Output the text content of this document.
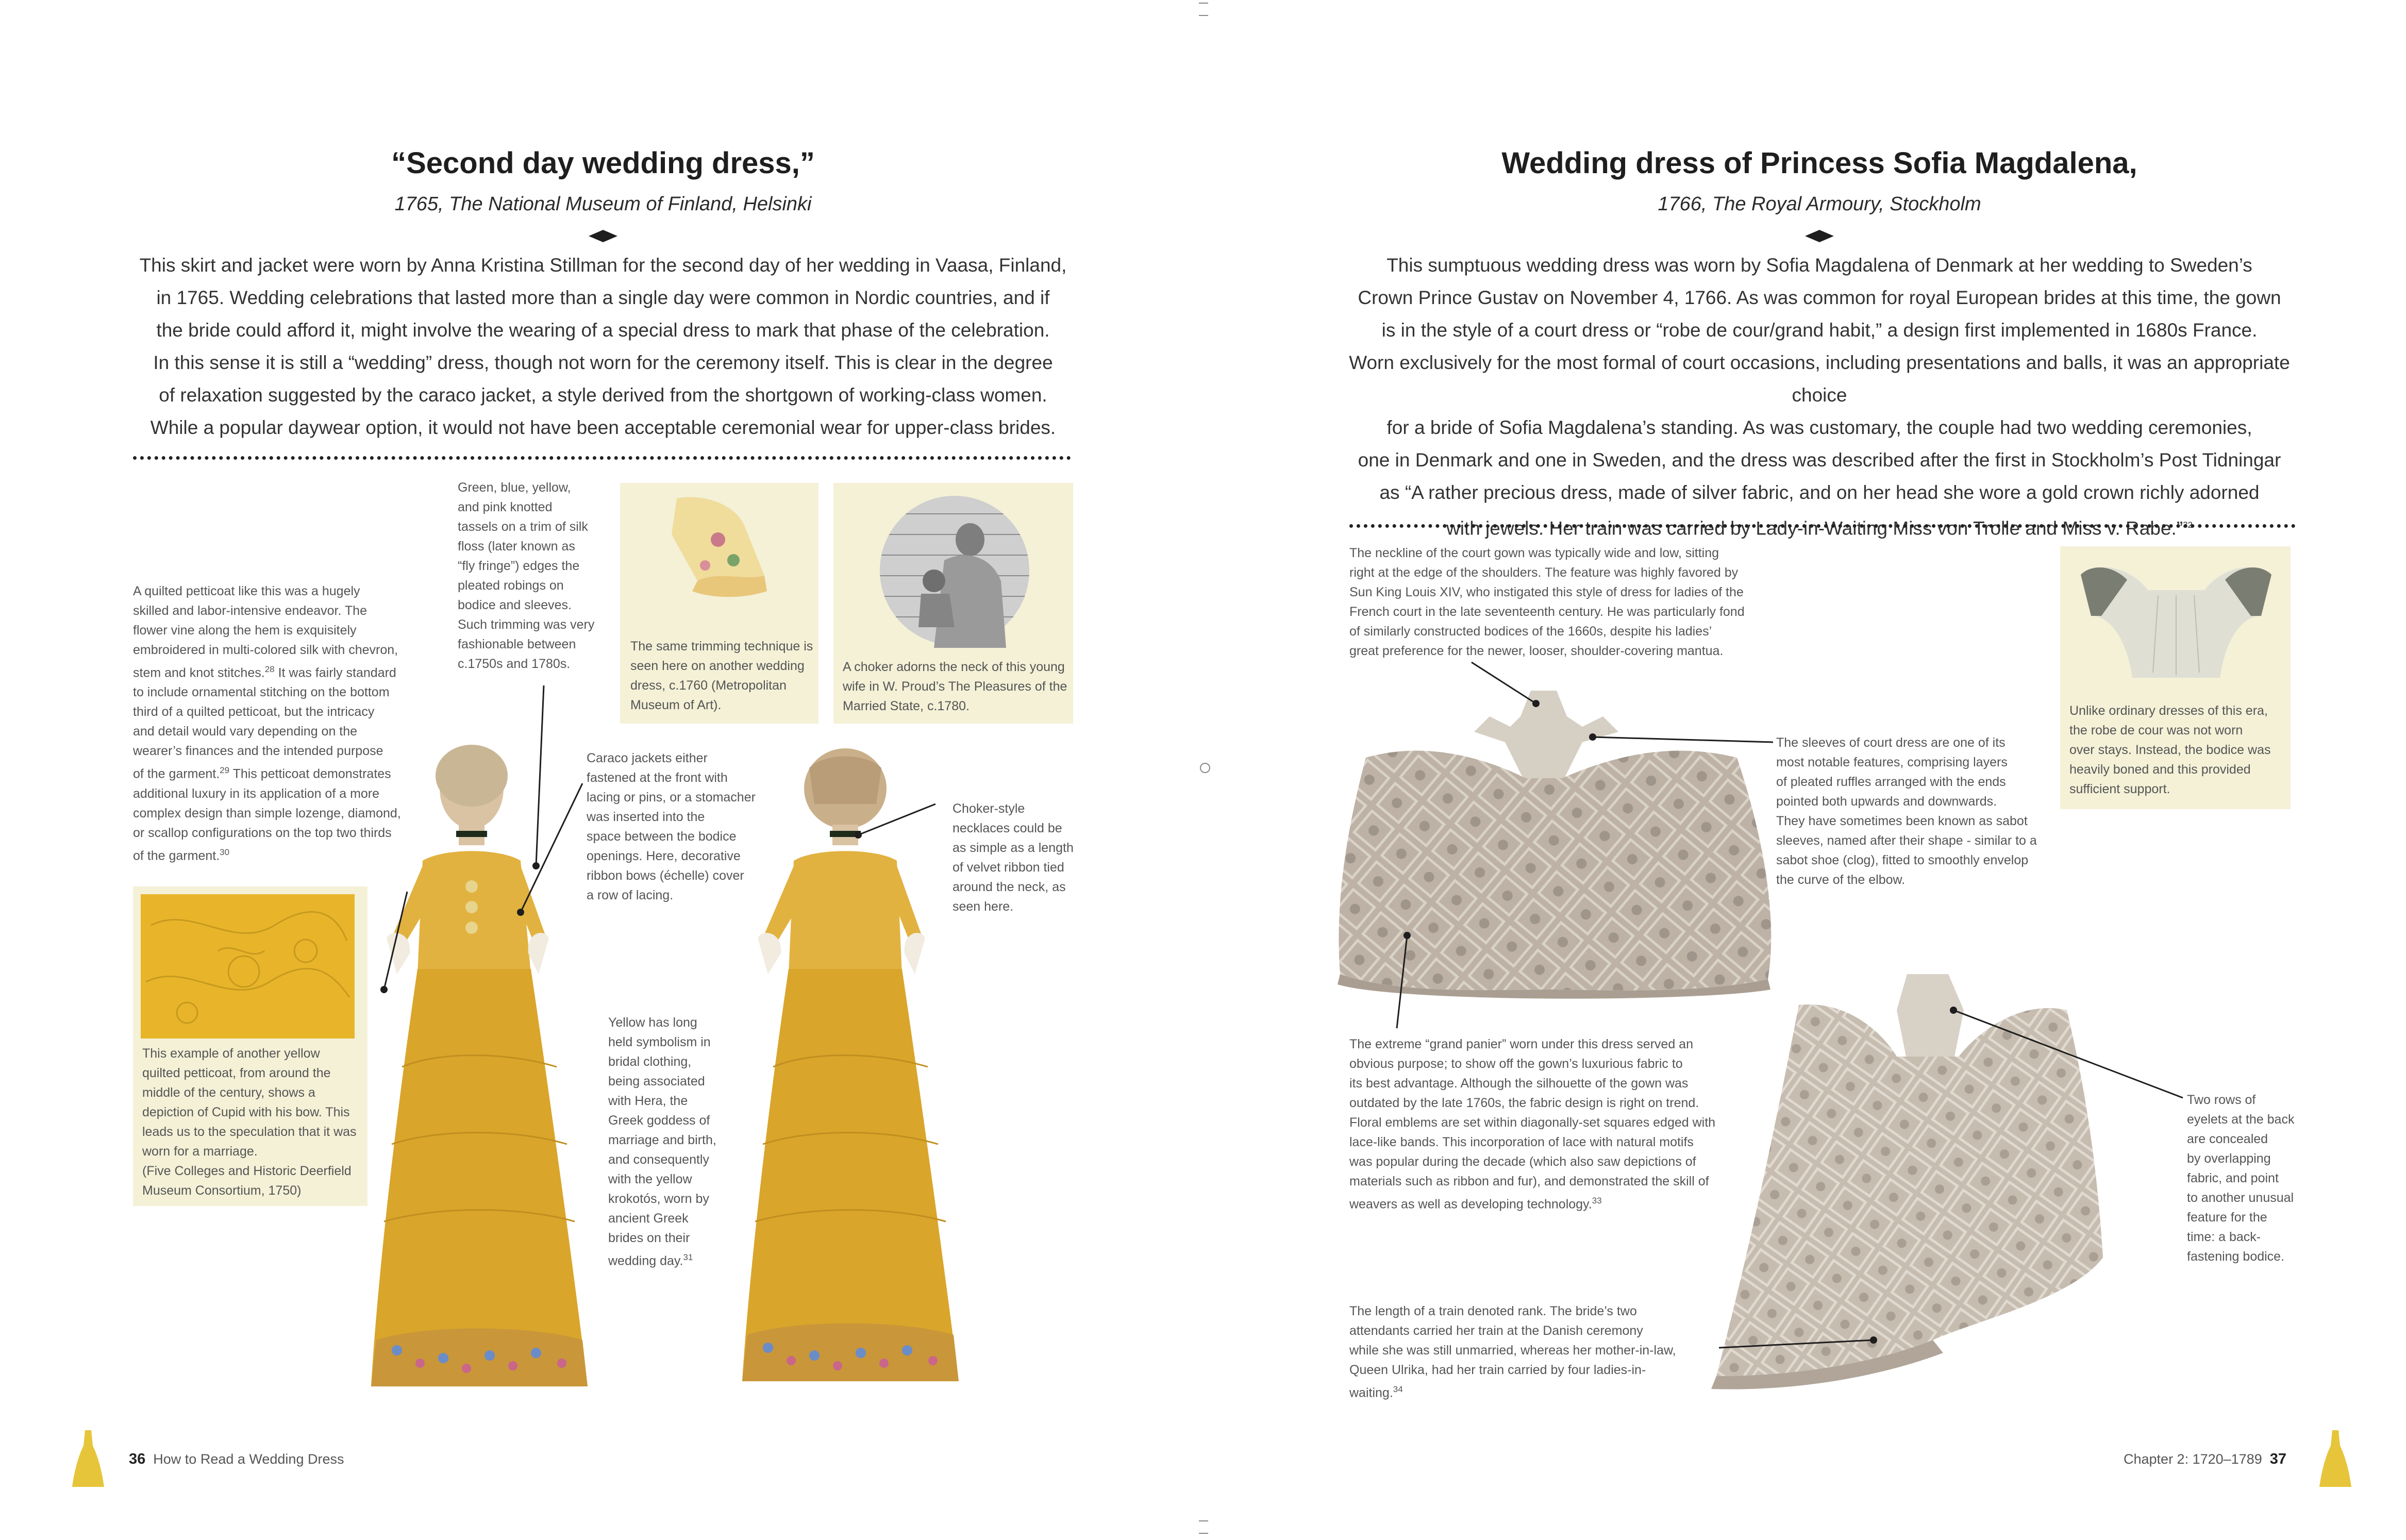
“Second day wedding dress,”
1765, The National Museum of Finland, Helsinki
This skirt and jacket were worn by Anna Kristina Stillman for the second day of her wedding in Vaasa, Finland,
in 1765. Wedding celebrations that lasted more than a single day were common in Nordic countries, and if
the bride could afford it, might involve the wearing of a special dress to mark that phase of the celebration.
In this sense it is still a “wedding” dress, though not worn for the ceremony itself. This is clear in the degree
of relaxation suggested by the caraco jacket, a style derived from the shortgown of working-class women.
While a popular daywear option, it would not have been acceptable ceremonial wear for upper-class brides.
A quilted petticoat like this was a hugely
skilled and labor-intensive endeavor. The
flower vine along the hem is exquisitely
embroidered in multi-colored silk with chevron,
stem and knot stitches.$^{28}$ It was fairly standard
to include ornamental stitching on the bottom
third of a quilted petticoat, but the intricacy
and detail would vary depending on the
wearer’s finances and the intended purpose
of the garment.$^{29}$ This petticoat demonstrates
additional luxury in its application of a more
complex design than simple lozenge, diamond,
or scallop configurations on the top two thirds
of the garment.$^{30}$
Green, blue, yellow,
and pink knotted
tassels on a trim of silk
floss (later known as
“fly fringe”) edges the
pleated robings on
bodice and sleeves.
Such trimming was very
fashionable between
c.1750s and 1780s.
The same trimming technique is
seen here on another wedding
dress, c.1760 (Metropolitan
Museum of Art).
A choker adorns the neck of this young
wife in W. Proud’s The Pleasures of the
Married State, c.1780.
Caraco jackets either
fastened at the front with
lacing or pins, or a stomacher
was inserted into the
space between the bodice
openings. Here, decorative
ribbon bows (échelle) cover
a row of lacing.
Choker-style
necklaces could be
as simple as a length
of velvet ribbon tied
around the neck, as
seen here.
This example of another yellow
quilted petticoat, from around the
middle of the century, shows a
depiction of Cupid with his bow. This
leads us to the speculation that it was
worn for a marriage.
(Five Colleges and Historic Deerfield
Museum Consortium, 1750)
Yellow has long
held symbolism in
bridal clothing,
being associated
with Hera, the
Greek goddess of
marriage and birth,
and consequently
with the yellow
krokotós, worn by
ancient Greek
brides on their
wedding day.$^{31}$
36 How to Read a Wedding Dress
Wedding dress of Princess Sofia Magdalena,
1766, The Royal Armoury, Stockholm
This sumptuous wedding dress was worn by Sofia Magdalena of Denmark at her wedding to Sweden’s
Crown Prince Gustav on November 4, 1766. As was common for royal European brides at this time, the gown
is in the style of a court dress or “robe de cour/grand habit,” a design first implemented in 1680s France.
Worn exclusively for the most formal of court occasions, including presentations and balls, it was an appropriate choice
for a bride of Sofia Magdalena’s standing. As was customary, the couple had two wedding ceremonies,
one in Denmark and one in Sweden, and the dress was described after the first in Stockholm’s Post Tidningar
as “A rather precious dress, made of silver fabric, and on her head she wore a gold crown richly adorned
with jewels. Her train was carried by Lady-in-Waiting Miss von Trolle and Miss v. Rabe.”$^{32}$
The neckline of the court gown was typically wide and low, sitting
right at the edge of the shoulders. The feature was highly favored by
Sun King Louis XIV, who instigated this style of dress for ladies of the
French court in the late seventeenth century. He was particularly fond
of similarly constructed bodices of the 1660s, despite his ladies’
great preference for the newer, looser, shoulder-covering mantua.
The sleeves of court dress are one of its
most notable features, comprising layers
of pleated ruffles arranged with the ends
pointed both upwards and downwards.
They have sometimes been known as sabot
sleeves, named after their shape - similar to a
sabot shoe (clog), fitted to smoothly envelop
the curve of the elbow.
Unlike ordinary dresses of this era,
the robe de cour was not worn
over stays. Instead, the bodice was
heavily boned and this provided
sufficient support.
The extreme “grand panier” worn under this dress served an
obvious purpose; to show off the gown’s luxurious fabric to
its best advantage. Although the silhouette of the gown was
outdated by the late 1760s, the fabric design is right on trend.
Floral emblems are set within diagonally-set squares edged with
lace-like bands. This incorporation of lace with natural motifs
was popular during the decade (which also saw depictions of
materials such as ribbon and fur), and demonstrated the skill of
weavers as well as developing technology.$^{33}$
Two rows of
eyelets at the back
are concealed
by overlapping
fabric, and point
to another unusual
feature for the
time: a back-
fastening bodice.
The length of a train denoted rank. The bride’s two
attendants carried her train at the Danish ceremony
while she was still unmarried, whereas her mother-in-law,
Queen Ulrika, had her train carried by four ladies-in-
waiting.$^{34}$
Chapter 2: 1720–1789 37
